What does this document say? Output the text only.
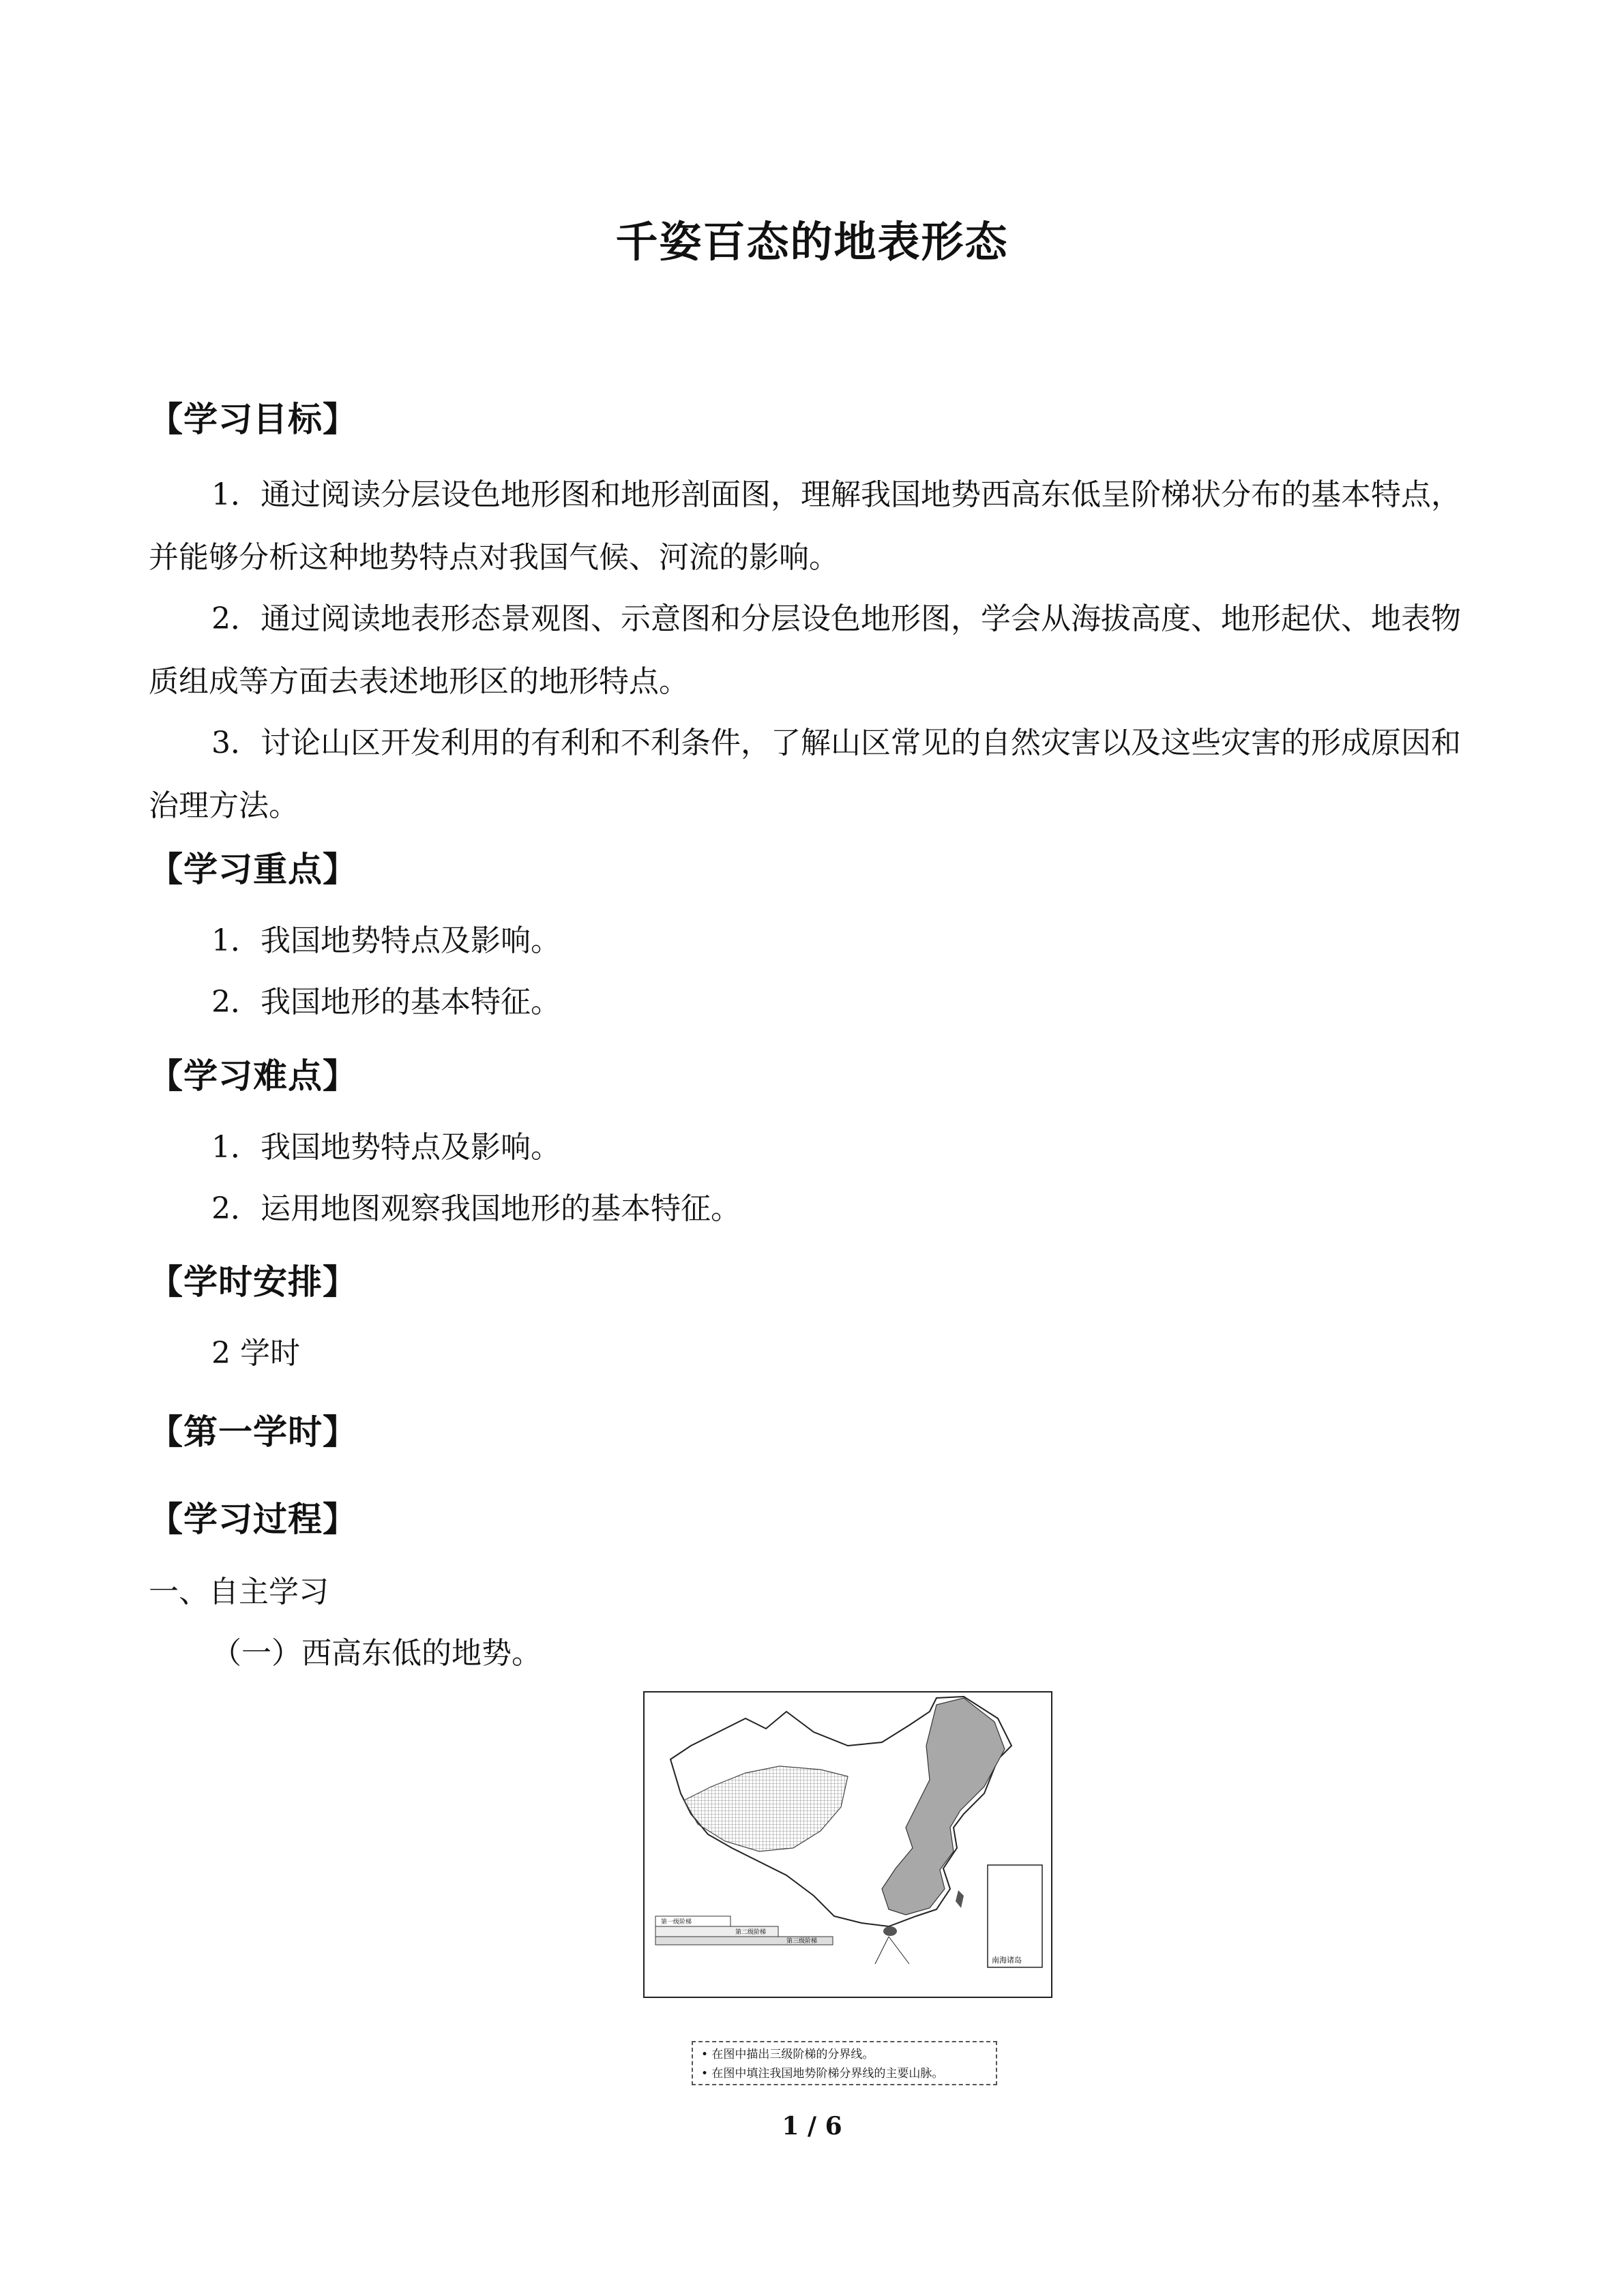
千姿百态的地表形态
【学习目标】
1．通过阅读分层设色地形图和地形剖面图，理解我国地势西高东低呈阶梯状分布的基本特点，并能够分析这种地势特点对我国气候、河流的影响。
2．通过阅读地表形态景观图、示意图和分层设色地形图，学会从海拔高度、地形起伏、地表物质组成等方面去表述地形区的地形特点。
3．讨论山区开发利用的有利和不利条件，了解山区常见的自然灾害以及这些灾害的形成原因和治理方法。
【学习重点】
1．我国地势特点及影响。
2．我国地形的基本特征。
【学习难点】
1．我国地势特点及影响。
2．运用地图观察我国地形的基本特征。
【学时安排】
2 学时
【第一学时】
【学习过程】
一、自主学习
（一）西高东低的地势。
第一级阶梯
第二级阶梯
第三级阶梯
南海诸岛
• 在图中描出三级阶梯的分界线。
• 在图中填注我国地势阶梯分界线的主要山脉。
1 / 6
